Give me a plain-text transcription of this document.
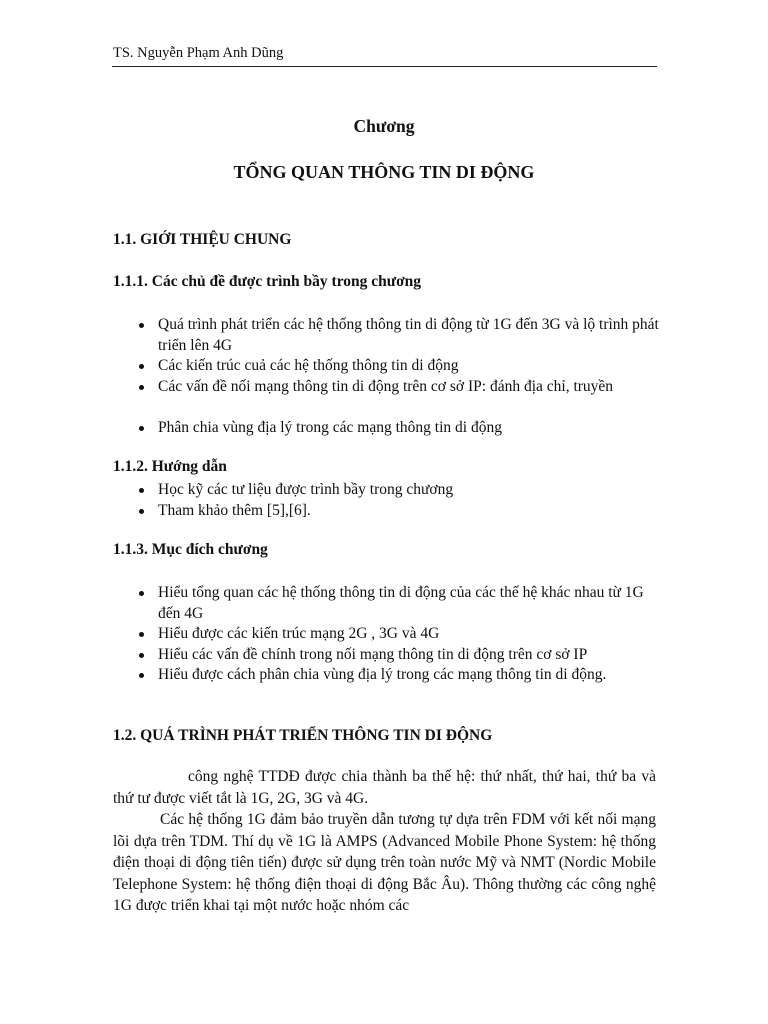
TS. Nguyễn Phạm Anh Dũng
Chương
TỔNG QUAN THÔNG TIN DI ĐỘNG
1.1. GIỚI THIỆU CHUNG
1.1.1. Các chủ đề được trình bầy trong chương
Quá trình phát triển các hệ thống thông tin di động từ 1G đến 3G và lộ trình phát triển lên 4G
Các kiến trúc cuả các hệ thống thông tin di động
Các vấn đề nối mạng thông tin di động trên cơ sở IP: đánh địa chỉ, truyền
Phân chia vùng địa lý trong các mạng thông tin di động
1.1.2. Hướng dẫn
Học kỹ các tư liệu được trình bầy trong chương
Tham khảo thêm [5],[6].
1.1.3. Mục đích chương
Hiểu tổng quan các hệ thống thông tin di động của các thế hệ khác nhau từ 1G đến 4G
Hiểu được các kiến trúc mạng 2G , 3G và 4G
Hiểu các vấn đề chính trong nối mạng thông tin di động trên cơ sở IP
Hiểu được cách phân chia vùng địa lý trong các mạng thông tin di động.
1.2. QUÁ TRÌNH PHÁT TRIỂN THÔNG TIN DI ĐỘNG

công nghệ TTDĐ được chia thành ba thế hệ: thứ nhất, thứ hai, thứ ba và thứ tư được viết tắt là 1G, 2G, 3G và 4G.

Các hệ thống 1G đảm bảo truyền dẫn tương tự dựa trên FDM với kết nối mạng lõi dựa trên TDM. Thí dụ về 1G là AMPS (Advanced Mobile Phone System: hệ thống điện thoại di động tiên tiến) được sử dụng trên toàn nước Mỹ và NMT (Nordic Mobile Telephone System: hệ thống điện thoại di động Bắc Âu). Thông thường các công nghệ 1G được triển khai tại một nước hoặc nhóm các
